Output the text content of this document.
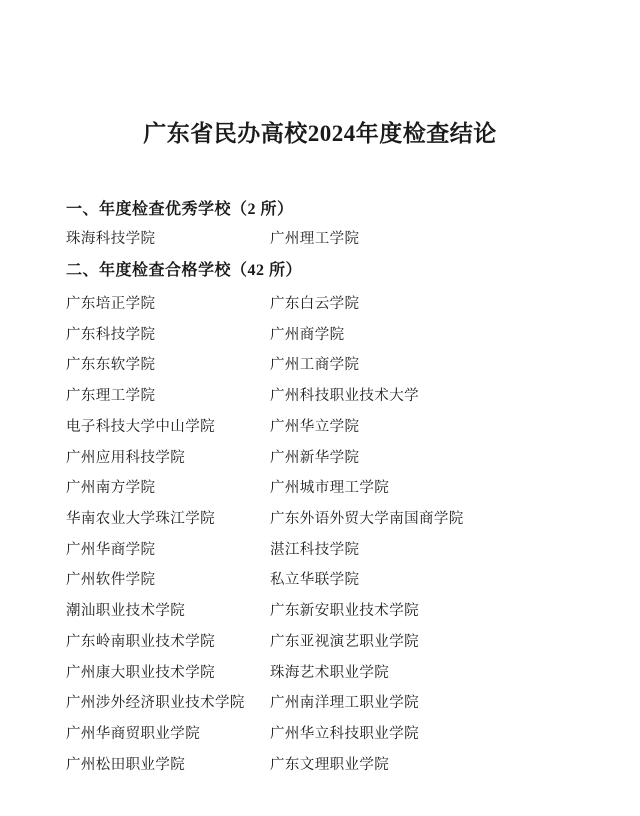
广东省民办高校2024年度检查结论

一、年度检查优秀学校（2 所）

珠海科技学院	广州理工学院

二、年度检查合格学校（42 所）

广东培正学院	广东白云学院
广东科技学院	广州商学院
广东东软学院	广州工商学院
广东理工学院	广州科技职业技术大学
电子科技大学中山学院	广州华立学院
广州应用科技学院	广州新华学院
广州南方学院	广州城市理工学院
华南农业大学珠江学院	广东外语外贸大学南国商学院
广州华商学院	湛江科技学院
广州软件学院	私立华联学院
潮汕职业技术学院	广东新安职业技术学院
广东岭南职业技术学院	广东亚视演艺职业学院
广州康大职业技术学院	珠海艺术职业学院
广州涉外经济职业技术学院	广州南洋理工职业学院
广州华商贸职业学院	广州华立科技职业学院
广州松田职业学院	广东文理职业学院
